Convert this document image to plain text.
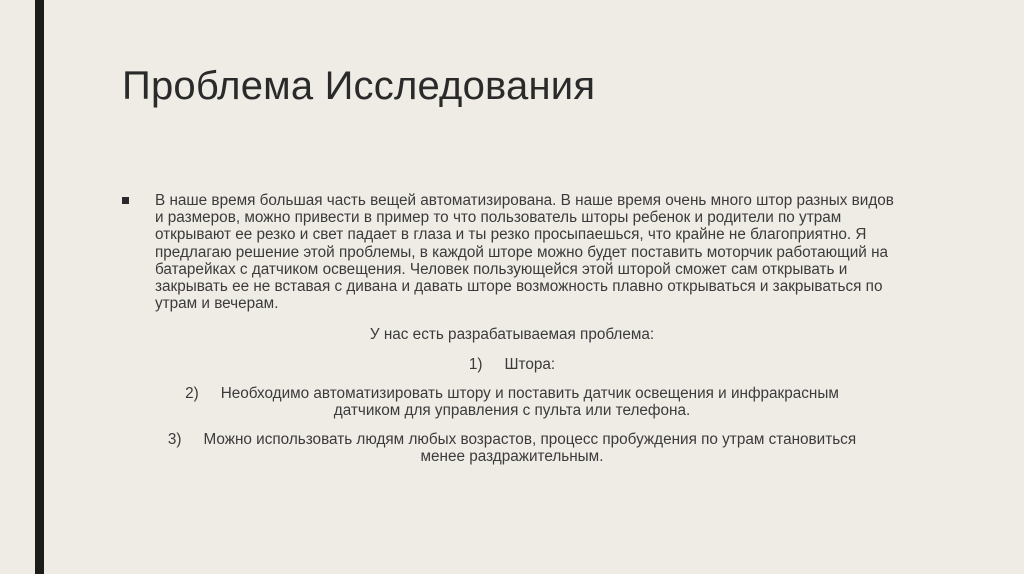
Проблема Исследования

В наше время большая часть вещей автоматизирована. В наше время очень много штор разных видов и размеров, можно привести в пример то что пользователь шторы ребенок и родители по утрам открывают ее резко и свет падает в глаза и ты резко просыпаешься, что крайне не благоприятно. Я предлагаю решение этой проблемы, в каждой шторе можно будет поставить моторчик работающий на батарейках с датчиком освещения. Человек пользующейся этой шторой сможет сам открывать и закрывать ее не вставая с дивана и давать шторе возможность плавно открываться и закрываться по утрам и вечерам.

У нас есть разрабатываемая проблема:

1) Штора:

2) Необходимо автоматизировать штору и поставить датчик освещения и инфракрасным

датчиком для управления с пульта или телефона.

3) Можно использовать людям любых возрастов, процесс пробуждения по утрам становиться

менее раздражительным.
